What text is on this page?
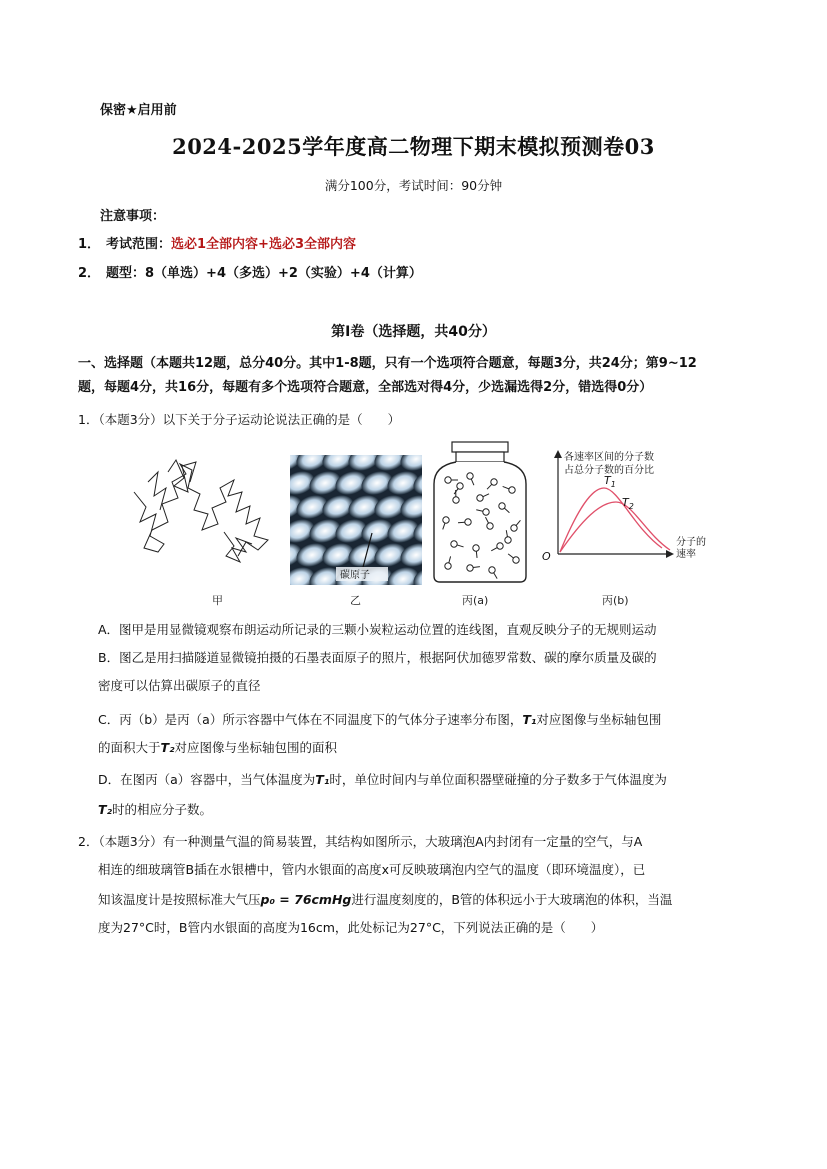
保密★启用前
2024-2025学年度高二物理下期末模拟预测卷03
满分100分，考试时间：90分钟
注意事项：
1． 考试范围：选必1全部内容+选必3全部内容
2． 题型：8（单选）+4（多选）+2（实验）+4（计算）
第I卷（选择题，共40分）
一、选择题（本题共12题，总分40分。其中1-8题，只有一个选项符合题意，每题3分，共24分；第9~12
题，每题4分，共16分，每题有多个选项符合题意，全部选对得4分，少选漏选得2分，错选得0分）
1．（本题3分）以下关于分子运动论说法正确的是（　　）
甲
碳原子
乙	丙(a)
各速率区间的分子数
占总分子数的百分比
分子的
速率
O
$T_1$
$T_2$
丙(b)
A．图甲是用显微镜观察布朗运动所记录的三颗小炭粒运动位置的连线图，直观反映分子的无规则运动
B．图乙是用扫描隧道显微镜拍摄的石墨表面原子的照片，根据阿伏加德罗常数、碳的摩尔质量及碳的
密度可以估算出碳原子的直径
C．丙（b）是丙（a）所示容器中气体在不同温度下的气体分子速率分布图，T₁对应图像与坐标轴包围
的面积大于T₂对应图像与坐标轴包围的面积
D．在图丙（a）容器中，当气体温度为T₁时，单位时间内与单位面积器壁碰撞的分子数多于气体温度为
T₂时的相应分子数。
2．（本题3分）有一种测量气温的简易装置，其结构如图所示，大玻璃泡A内封闭有一定量的空气，与A
相连的细玻璃管B插在水银槽中，管内水银面的高度x可反映玻璃泡内空气的温度（即环境温度），已
知该温度计是按照标准大气压p₀ = 76cmHg进行温度刻度的，B管的体积远小于大玻璃泡的体积，当温
度为27°C时，B管内水银面的高度为16cm，此处标记为27°C，下列说法正确的是（　　）
